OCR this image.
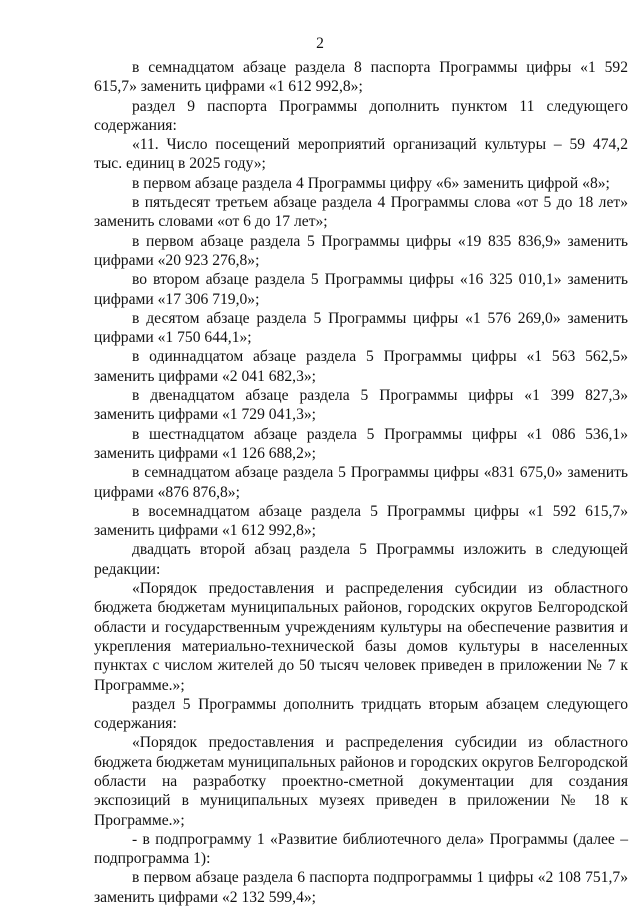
2

в семнадцатом абзаце раздела 8 паспорта Программы цифры «1 592 615,7» заменить цифрами «1 612 992,8»;

раздел 9 паспорта Программы дополнить пунктом 11 следующего содержания:

«11. Число посещений мероприятий организаций культуры – 59 474,2 тыс. единиц в 2025 году»;

в первом абзаце раздела 4 Программы цифру «6» заменить цифрой «8»;

в пятьдесят третьем абзаце раздела 4 Программы слова «от 5 до 18 лет» заменить словами «от 6 до 17 лет»;

в первом абзаце раздела 5 Программы цифры «19 835 836,9» заменить цифрами «20 923 276,8»;

во втором абзаце раздела 5 Программы цифры «16 325 010,1» заменить цифрами «17 306 719,0»;

в десятом абзаце раздела 5 Программы цифры «1 576 269,0» заменить цифрами «1 750 644,1»;

в одиннадцатом абзаце раздела 5 Программы цифры «1 563 562,5» заменить цифрами «2 041 682,3»;

в двенадцатом абзаце раздела 5 Программы цифры «1 399 827,3» заменить цифрами «1 729 041,3»;

в шестнадцатом абзаце раздела 5 Программы цифры «1 086 536,1» заменить цифрами «1 126 688,2»;

в семнадцатом абзаце раздела 5 Программы цифры «831 675,0» заменить цифрами «876 876,8»;

в восемнадцатом абзаце раздела 5 Программы цифры «1 592 615,7» заменить цифрами «1 612 992,8»;

двадцать второй абзац раздела 5 Программы изложить в следующей редакции:

«Порядок предоставления и распределения субсидии из областного бюджета бюджетам муниципальных районов, городских округов Белгородской области и государственным учреждениям культуры на обеспечение развития и укрепления материально-технической базы домов культуры в населенных пунктах с числом жителей до 50 тысяч человек приведен в приложении № 7 к Программе.»;

раздел 5 Программы дополнить тридцать вторым абзацем следующего содержания:

«Порядок предоставления и распределения субсидии из областного бюджета бюджетам муниципальных районов и городских округов Белгородской области на разработку проектно-сметной документации для создания экспозиций в муниципальных музеях приведен в приложении № 18 к Программе.»;

- в подпрограмму 1 «Развитие библиотечного дела» Программы (далее – подпрограмма 1):

в первом абзаце раздела 6 паспорта подпрограммы 1 цифры «2 108 751,7» заменить цифрами «2 132 599,4»;
